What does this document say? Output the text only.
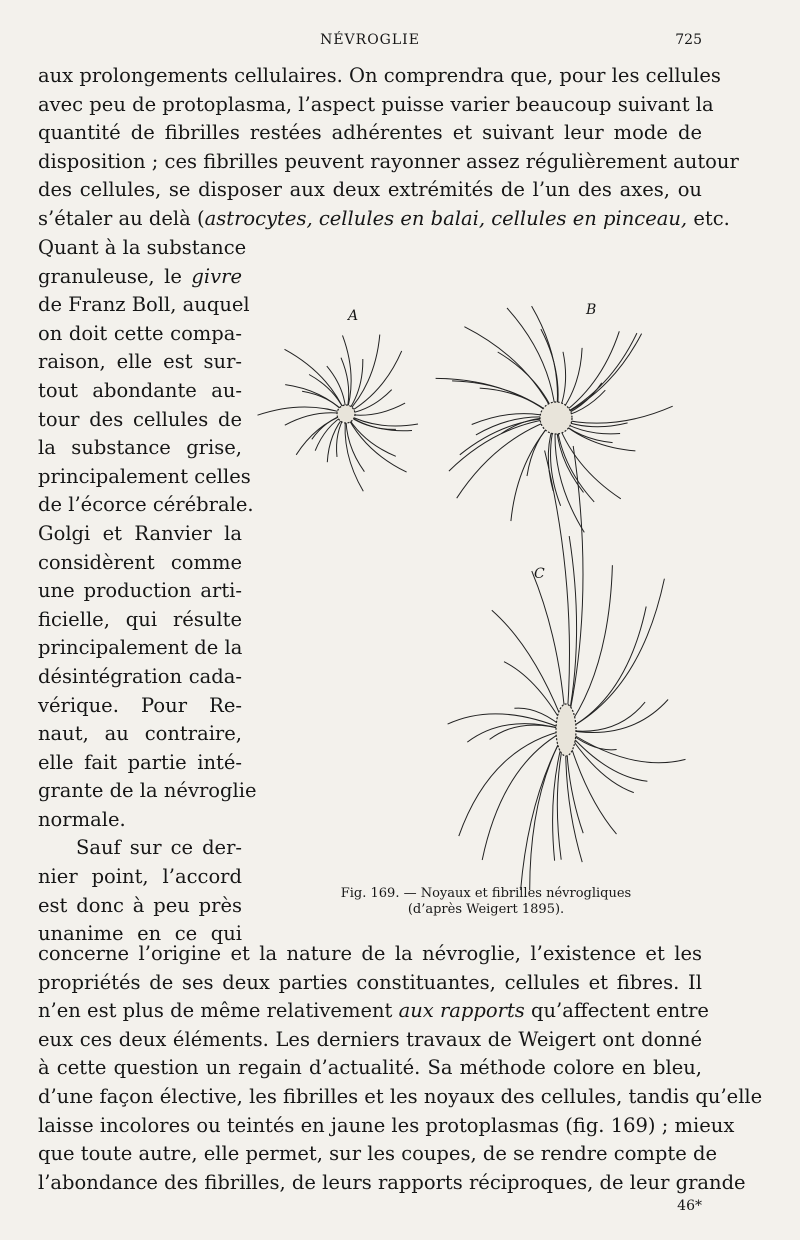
NÉVROGLIE	725
aux prolongements cellulaires. On comprendra que, pour les cellules
avec peu de protoplasma, l’aspect puisse varier beaucoup suivant la
quantité de fibrilles restées adhérentes et suivant leur mode de
disposition ; ces fibrilles peuvent rayonner assez régulièrement autour
des cellules, se disposer aux deux extrémités de l’un des axes, ou
s’étaler au delà (astrocytes, cellules en balai, cellules en pinceau, etc.
Quant à la substance
granuleuse, le givre
de Franz Boll, auquel
on doit cette compa-
raison, elle est sur-
tout abondante au-
tour des cellules de
la substance grise,
principalement celles
de l’écorce cérébrale.
Golgi et Ranvier la
considèrent comme
une production arti-
ficielle, qui résulte
principalement de la
désintégration cada-
vérique. Pour Re-
naut, au contraire,
elle fait partie inté-
grante de la névroglie
normale.
Sauf sur ce der-
nier point, l’accord
est donc à peu près
unanime en ce qui
A	B
C
Fig. 169. — Noyaux et fibrilles névrogliques
(d’après Weigert 1895).
concerne l’origine et la nature de la névroglie, l’existence et les
propriétés de ses deux parties constituantes, cellules et fibres. Il
n’en est plus de même relativement aux rapports qu’affectent entre
eux ces deux éléments. Les derniers travaux de Weigert ont donné
à cette question un regain d’actualité. Sa méthode colore en bleu,
d’une façon élective, les fibrilles et les noyaux des cellules, tandis qu’elle
laisse incolores ou teintés en jaune les protoplasmas (fig. 169) ; mieux
que toute autre, elle permet, sur les coupes, de se rendre compte de
l’abondance des fibrilles, de leurs rapports réciproques, de leur grande
46*
